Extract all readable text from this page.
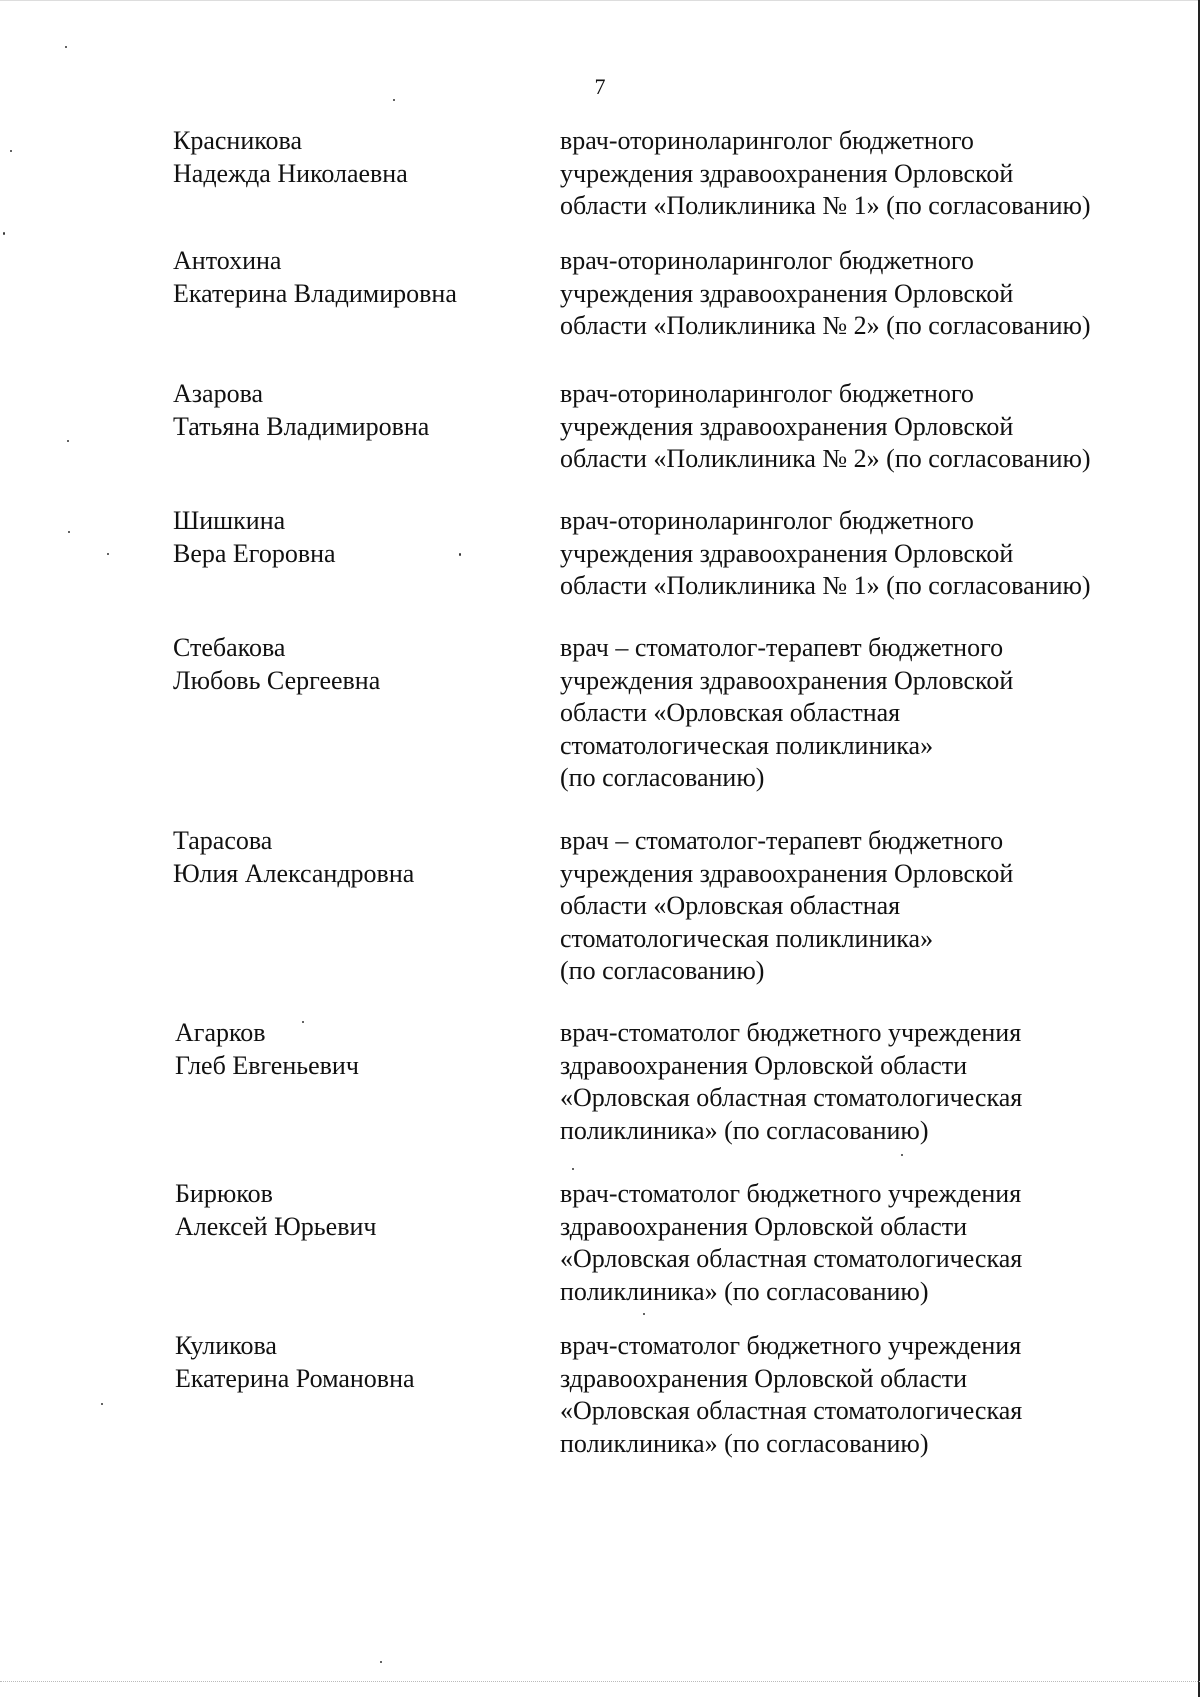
7
Красникова
Надежда Николаевна
врач-оториноларинголог бюджетного
учреждения здравоохранения Орловской
области «Поликлиника № 1» (по согласованию)
Антохина
Екатерина Владимировна
врач-оториноларинголог бюджетного
учреждения здравоохранения Орловской
области «Поликлиника № 2» (по согласованию)
Азарова
Татьяна Владимировна
врач-оториноларинголог бюджетного
учреждения здравоохранения Орловской
области «Поликлиника № 2» (по согласованию)
Шишкина
Вера Егоровна
врач-оториноларинголог бюджетного
учреждения здравоохранения Орловской
области «Поликлиника № 1» (по согласованию)
Стебакова
Любовь Сергеевна
врач – стоматолог-терапевт бюджетного
учреждения здравоохранения Орловской
области «Орловская областная
стоматологическая поликлиника»
(по согласованию)
Тарасова
Юлия Александровна
врач – стоматолог-терапевт бюджетного
учреждения здравоохранения Орловской
области «Орловская областная
стоматологическая поликлиника»
(по согласованию)
Агарков
Глеб Евгеньевич
врач-стоматолог бюджетного учреждения
здравоохранения Орловской области
«Орловская областная стоматологическая
поликлиника» (по согласованию)
Бирюков
Алексей Юрьевич
врач-стоматолог бюджетного учреждения
здравоохранения Орловской области
«Орловская областная стоматологическая
поликлиника» (по согласованию)
Куликова
Екатерина Романовна
врач-стоматолог бюджетного учреждения
здравоохранения Орловской области
«Орловская областная стоматологическая
поликлиника» (по согласованию)
